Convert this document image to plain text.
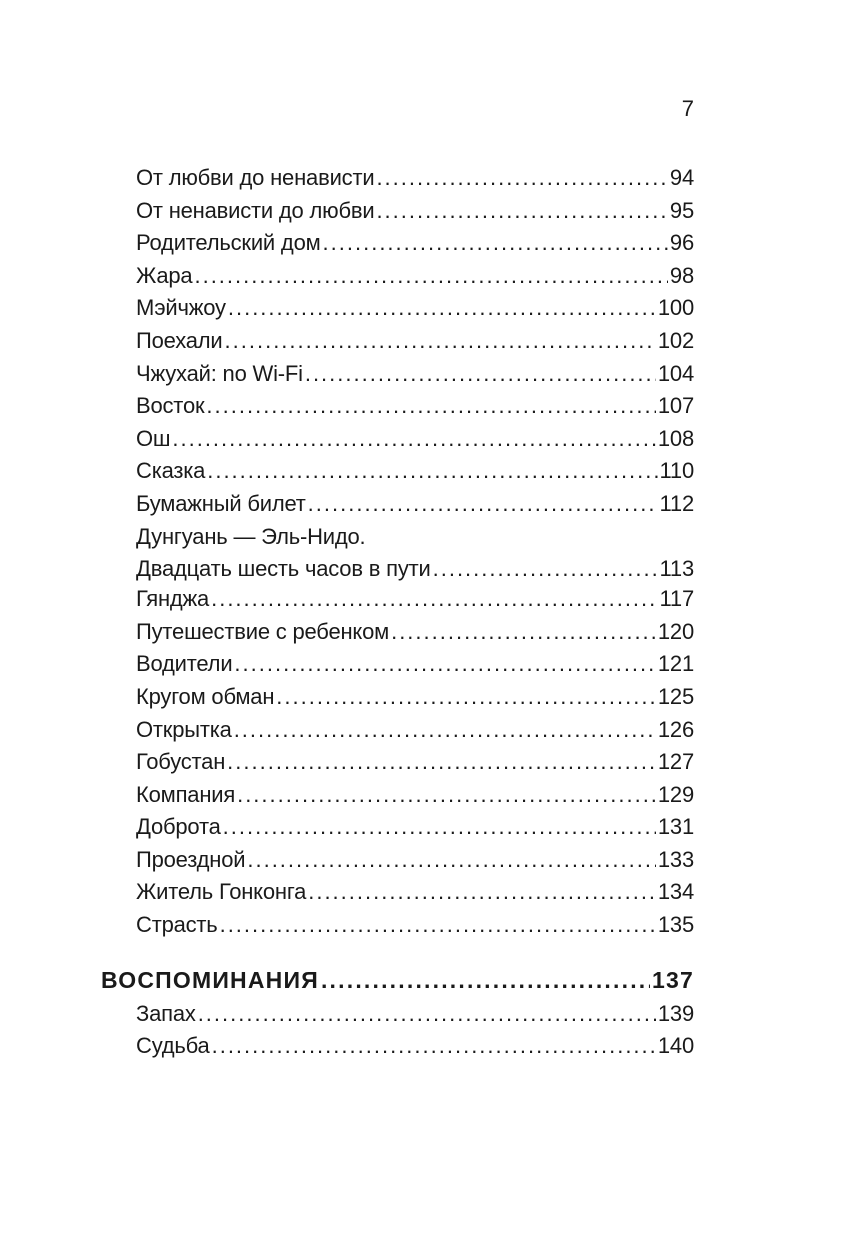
7
От любви до ненависти .....	94
От ненависти до любви .....	95
Родительский дом .....	96
Жара .....	98
Мэйчжоу .....	100
Поехали .....	102
Чжухай: no Wi-Fi .....	104
Восток .....	107
Ош .....	108
Сказка .....	110
Бумажный билет .....	112
Дунгуань — Эль-Нидо.
Двадцать шесть часов в пути .....	113
Гянджа .....	117
Путешествие с ребенком .....	120
Водители .....	121
Кругом обман .....	125
Открытка .....	126
Гобустан .....	127
Компания .....	129
Доброта .....	131
Проездной .....	133
Житель Гонконга .....	134
Страсть .....	135
ВОСПОМИНАНИЯ .....	137
Запах .....	139
Судьба .....	140
